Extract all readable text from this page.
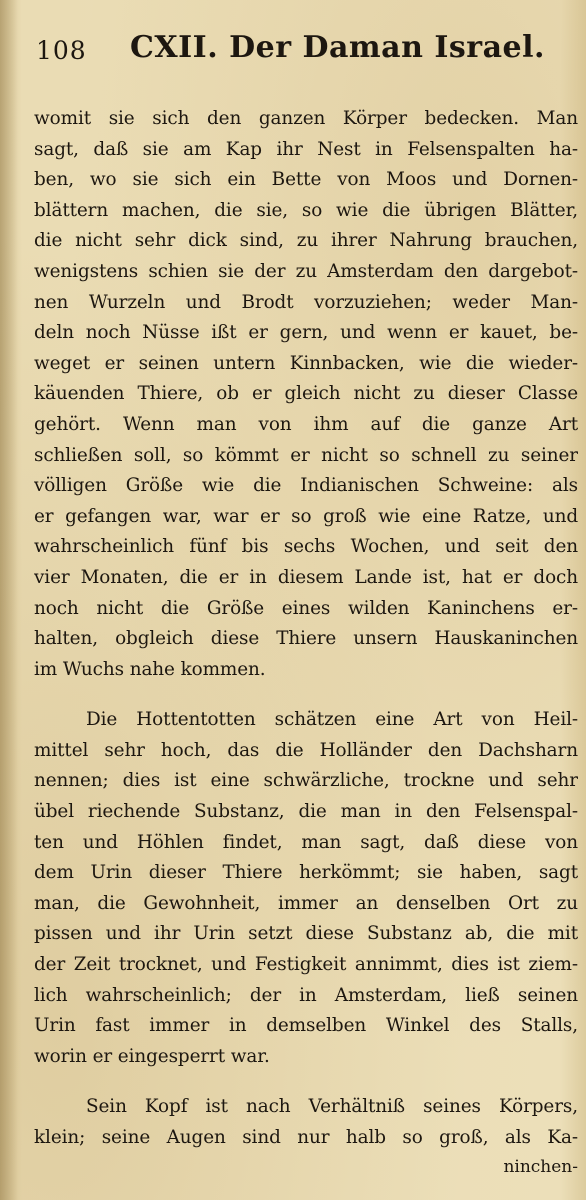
108 CXII. Der Daman Israel.
womit sie sich den ganzen Körper bedecken. Man
sagt, daß sie am Kap ihr Nest in Felsenspalten ha-
ben, wo sie sich ein Bette von Moos und Dornen-
blättern machen, die sie, so wie die übrigen Blätter,
die nicht sehr dick sind, zu ihrer Nahrung brauchen,
wenigstens schien sie der zu Amsterdam den dargebot-
nen Wurzeln und Brodt vorzuziehen; weder Man-
deln noch Nüsse ißt er gern, und wenn er kauet, be-
weget er seinen untern Kinnbacken, wie die wieder-
käuenden Thiere, ob er gleich nicht zu dieser Classe
gehört. Wenn man von ihm auf die ganze Art
schließen soll, so kömmt er nicht so schnell zu seiner
völligen Größe wie die Indianischen Schweine: als
er gefangen war, war er so groß wie eine Ratze, und
wahrscheinlich fünf bis sechs Wochen, und seit den
vier Monaten, die er in diesem Lande ist, hat er doch
noch nicht die Größe eines wilden Kaninchens er-
halten, obgleich diese Thiere unsern Hauskaninchen
im Wuchs nahe kommen.
Die Hottentotten schätzen eine Art von Heil-
mittel sehr hoch, das die Holländer den Dachsharn
nennen; dies ist eine schwärzliche, trockne und sehr
übel riechende Substanz, die man in den Felsenspal-
ten und Höhlen findet, man sagt, daß diese von
dem Urin dieser Thiere herkömmt; sie haben, sagt
man, die Gewohnheit, immer an denselben Ort zu
pissen und ihr Urin setzt diese Substanz ab, die mit
der Zeit trocknet, und Festigkeit annimmt, dies ist ziem-
lich wahrscheinlich; der in Amsterdam, ließ seinen
Urin fast immer in demselben Winkel des Stalls,
worin er eingesperrt war.
Sein Kopf ist nach Verhältniß seines Körpers,
klein; seine Augen sind nur halb so groß, als Ka-
ninchen-
